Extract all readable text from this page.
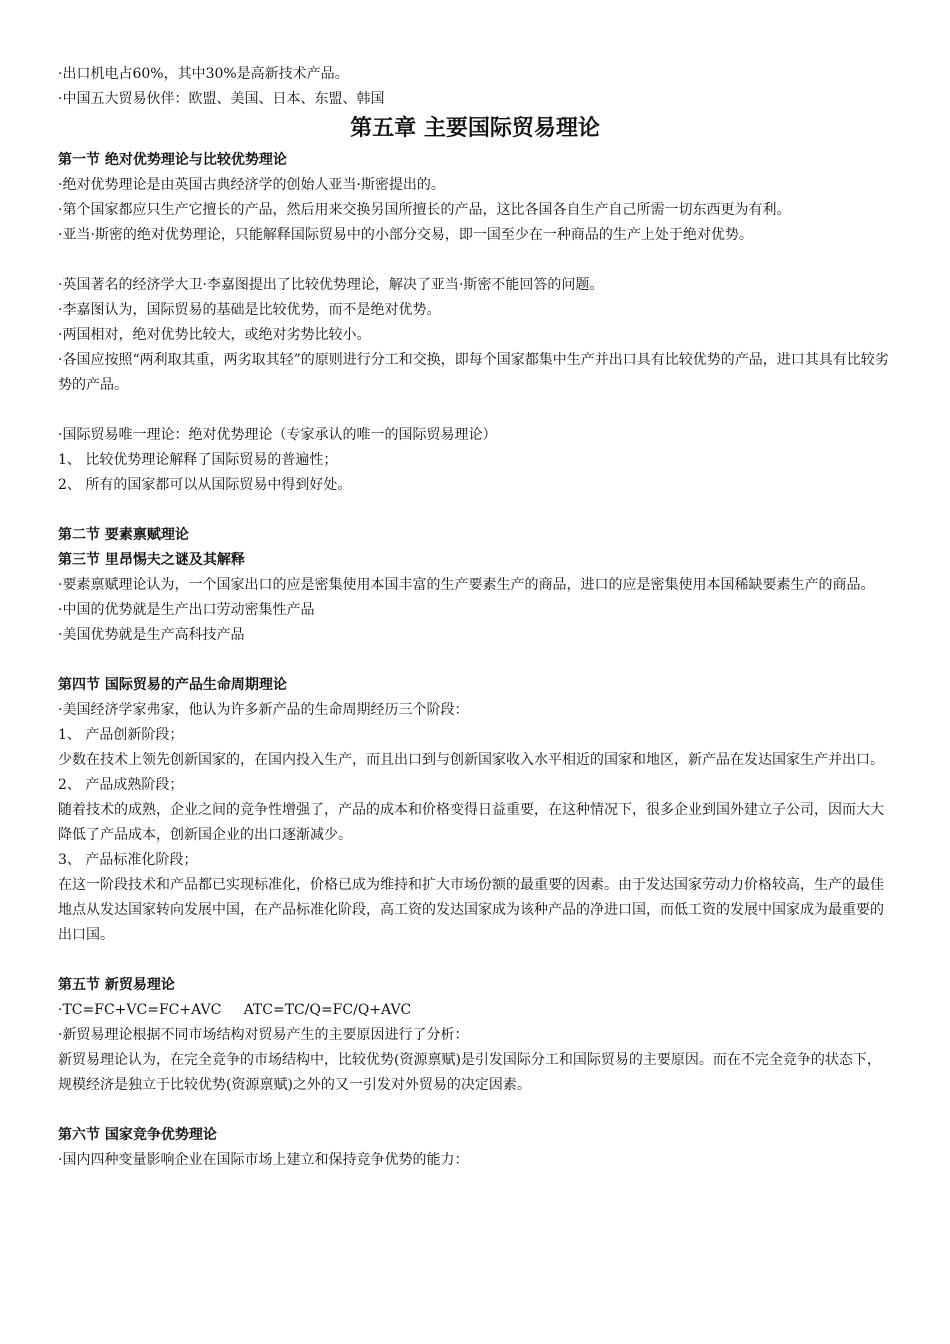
·出口机电占60%，其中30%是高新技术产品。

·中国五大贸易伙伴：欧盟、美国、日本、东盟、韩国

第五章 主要国际贸易理论

第一节 绝对优势理论与比较优势理论

·绝对优势理论是由英国古典经济学的创始人亚当·斯密提出的。

·第个国家都应只生产它擅长的产品，然后用来交换另国所擅长的产品，这比各国各自生产自己所需一切东西更为有利。

·亚当·斯密的绝对优势理论，只能解释国际贸易中的小部分交易，即一国至少在一种商品的生产上处于绝对优势。

·英国著名的经济学大卫·李嘉图提出了比较优势理论，解决了亚当·斯密不能回答的问题。

·李嘉图认为，国际贸易的基础是比较优势，而不是绝对优势。

·两国相对，绝对优势比较大，或绝对劣势比较小。

·各国应按照“两利取其重，两劣取其轻”的原则进行分工和交换，即每个国家都集中生产并出口具有比较优势的产品，进口其具有比较劣势的产品。

·国际贸易唯一理论：绝对优势理论（专家承认的唯一的国际贸易理论）

1、 比较优势理论解释了国际贸易的普遍性；

2、 所有的国家都可以从国际贸易中得到好处。

第二节 要素禀赋理论

第三节 里昂惕夫之谜及其解释

·要素禀赋理论认为，一个国家出口的应是密集使用本国丰富的生产要素生产的商品，进口的应是密集使用本国稀缺要素生产的商品。

·中国的优势就是生产出口劳动密集性产品

·美国优势就是生产高科技产品

第四节 国际贸易的产品生命周期理论

·美国经济学家弗家，他认为许多新产品的生命周期经历三个阶段：

1、 产品创新阶段；

少数在技术上领先创新国家的，在国内投入生产，而且出口到与创新国家收入水平相近的国家和地区，新产品在发达国家生产并出口。

2、 产品成熟阶段；

随着技术的成熟，企业之间的竞争性增强了，产品的成本和价格变得日益重要，在这种情况下，很多企业到国外建立子公司，因而大大降低了产品成本，创新国企业的出口逐渐减少。

3、 产品标准化阶段；

在这一阶段技术和产品都已实现标准化，价格已成为维持和扩大市场份额的最重要的因素。由于发达国家劳动力价格较高，生产的最佳地点从发达国家转向发展中国，在产品标准化阶段，高工资的发达国家成为该种产品的净进口国，而低工资的发展中国家成为最重要的出口国。

第五节 新贸易理论

·TC=FC+VC=FC+AVC     ATC=TC/Q=FC/Q+AVC

·新贸易理论根据不同市场结构对贸易产生的主要原因进行了分析：

新贸易理论认为，在完全竞争的市场结构中，比较优势(资源禀赋)是引发国际分工和国际贸易的主要原因。而在不完全竞争的状态下，规模经济是独立于比较优势(资源禀赋)之外的又一引发对外贸易的决定因素。

第六节 国家竞争优势理论

·国内四种变量影响企业在国际市场上建立和保持竞争优势的能力：
